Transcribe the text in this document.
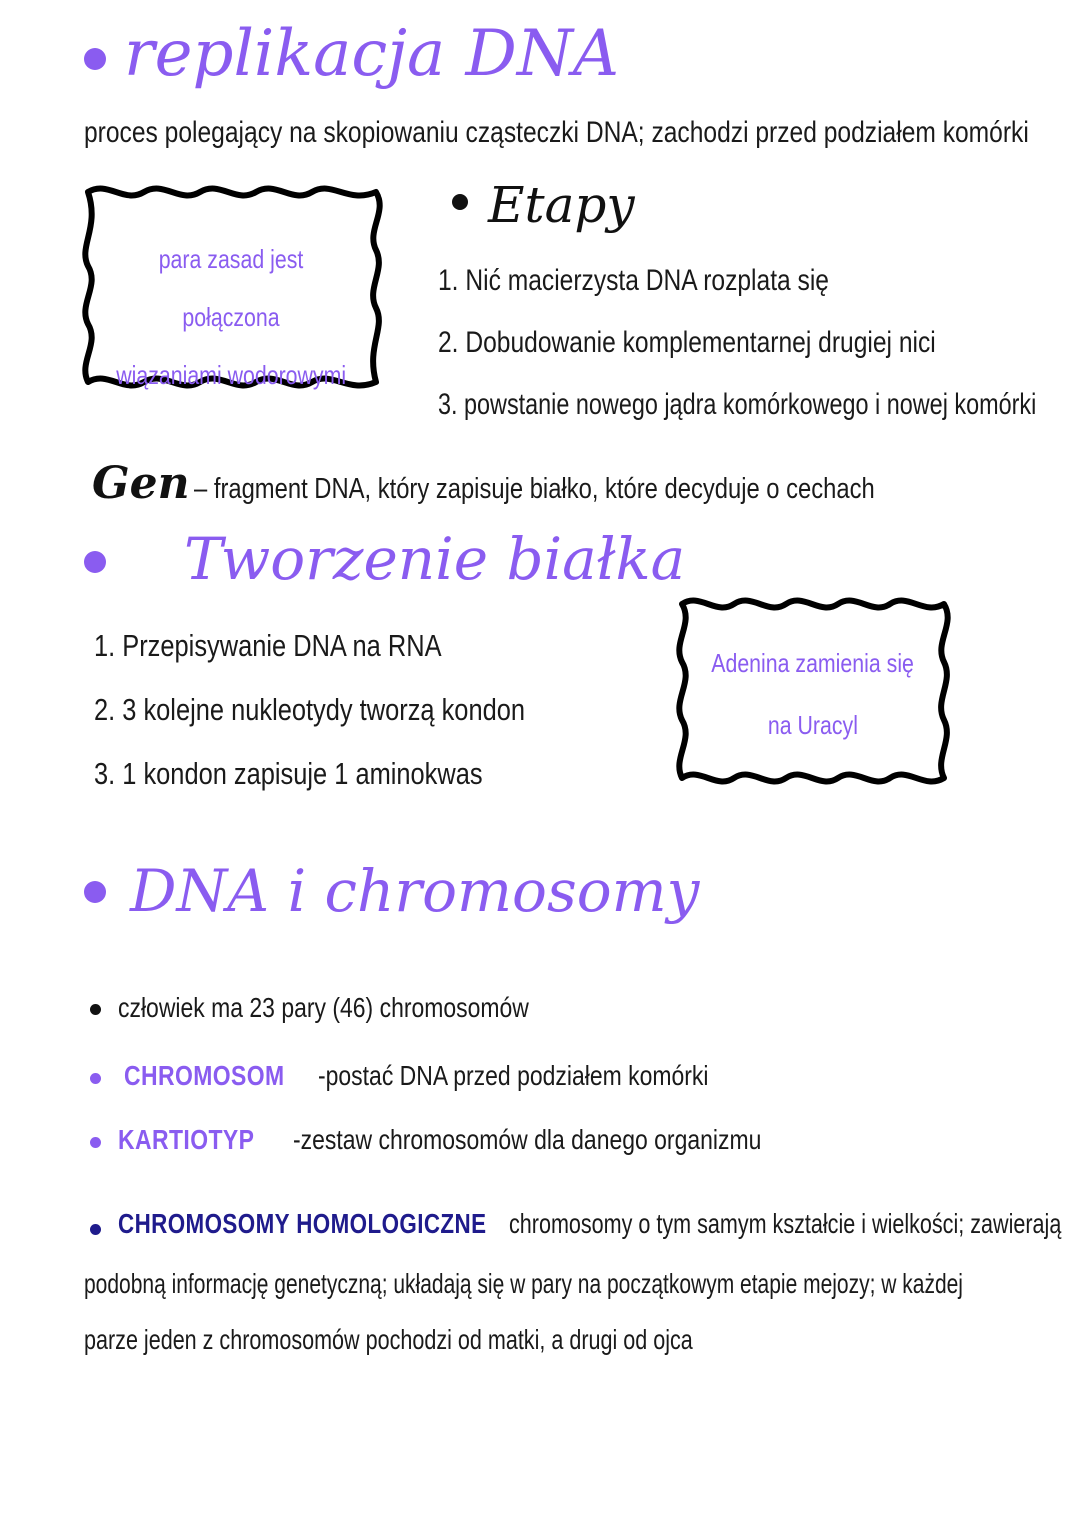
replikacja DNA
proces polegający na skopiowaniu cząsteczki DNA; zachodzi przed podziałem komórki
para zasad jest połączona
wiązaniami wodorowymi
Etapy
1. Nić macierzysta DNA rozplata się
2. Dobudowanie komplementarnej drugiej nici
3. powstanie nowego jądra komórkowego i nowej komórki
Gen – fragment DNA, który zapisuje białko, które decyduje o cechach
Tworzenie białka
1. Przepisywanie DNA na RNA
2. 3 kolejne nukleotydy tworzą kondon
3. 1 kondon zapisuje 1 aminokwas
Adenina zamienia się
na Uracyl
DNA i chromosomy
człowiek ma 23 pary (46) chromosomów
CHROMOSOM -postać DNA przed podziałem komórki
KARTIOTYP -zestaw chromosomów dla danego organizmu
CHROMOSOMY HOMOLOGICZNE chromosomy o tym samym kształcie i wielkości; zawierają
podobną informację genetyczną; układają się w pary na początkowym etapie mejozy; w każdej
parze jeden z chromosomów pochodzi od matki, a drugi od ojca
